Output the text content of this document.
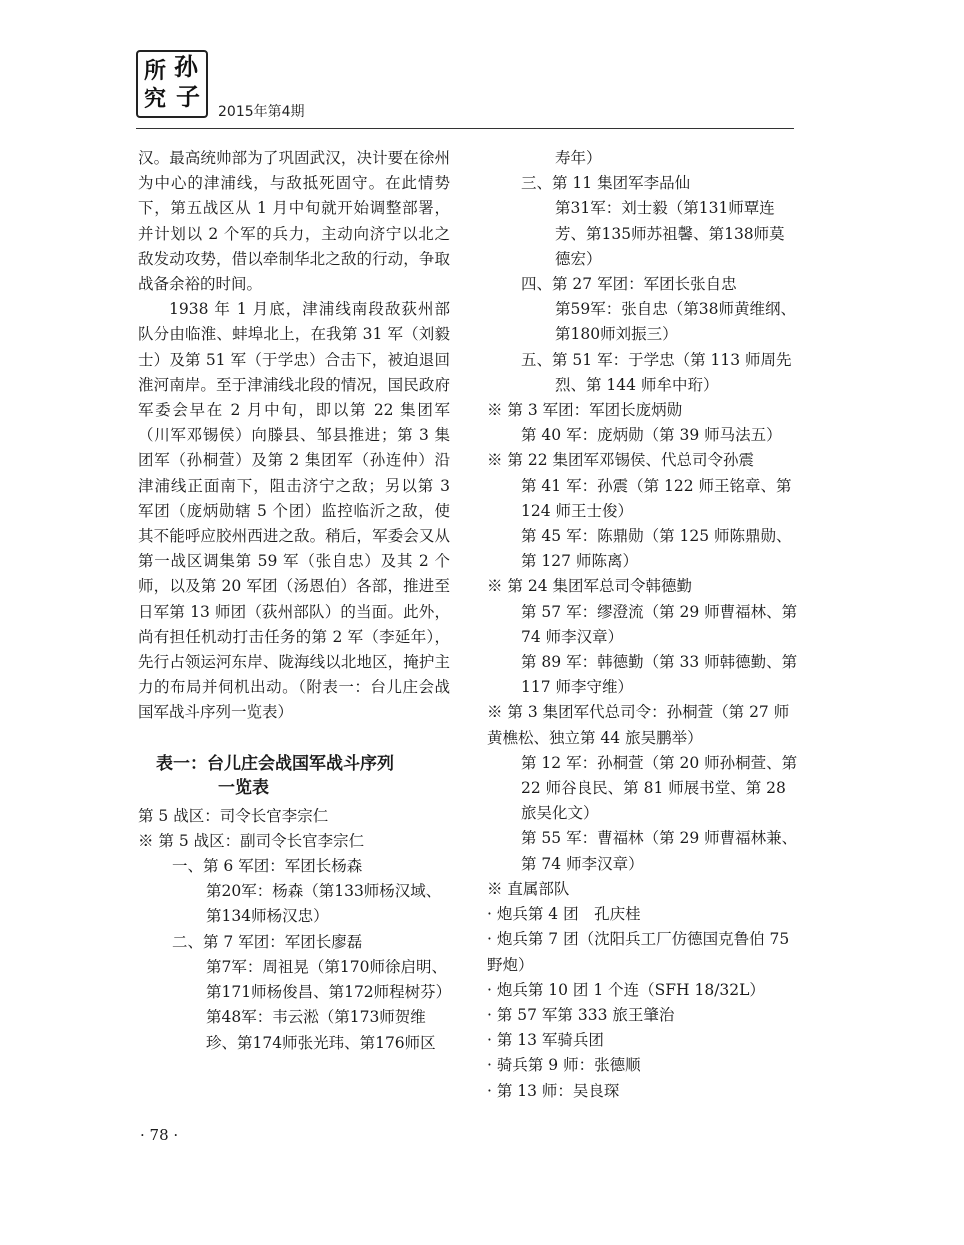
所 孙
究 子
2015年第4期

汉。最高统帅部为了巩固武汉，决计要在徐州为中心的津浦线，与敌抵死固守。在此情势下，第五战区从 1 月中旬就开始调整部署，并计划以 2 个军的兵力，主动向济宁以北之敌发动攻势，借以牵制华北之敌的行动，争取战备余裕的时间。

1938 年 1 月底，津浦线南段敌荻州部队分由临淮、蚌埠北上，在我第 31 军（刘毅士）及第 51 军（于学忠）合击下，被迫退回淮河南岸。至于津浦线北段的情况，国民政府军委会早在 2 月中旬，即以第 22 集团军（川军邓锡侯）向滕县、邹县推进；第 3 集团军（孙桐萱）及第 2 集团军（孙连仲）沿津浦线正面南下，阻击济宁之敌；另以第 3 军团（庞炳勋辖 5 个团）监控临沂之敌，使其不能呼应胶州西进之敌。稍后，军委会又从第一战区调集第 59 军（张自忠）及其 2 个师，以及第 20 军团（汤恩伯）各部，推进至日军第 13 师团（荻州部队）的当面。此外，尚有担任机动打击任务的第 2 军（李延年），先行占领运河东岸、陇海线以北地区，掩护主力的布局并伺机出动。（附表一：台儿庄会战国军战斗序列一览表）

表一：台儿庄会战国军战斗序列
一览表

第 5 战区：司令长官李宗仁

※ 第 5 战区：副司令长官李宗仁

一、第 6 军团：军团长杨森

第20军：杨森（第133师杨汉域、第134师杨汉忠）

二、第 7 军团：军团长廖磊

第7军：周祖晃（第170师徐启明、第171师杨俊昌、第172师程树芬）

第48军：韦云淞（第173师贺维珍、第174师张光玮、第176师区

寿年）

三、第 11 集团军李品仙

第31军：刘士毅（第131师覃连芳、第135师苏祖馨、第138师莫德宏）

四、第 27 军团：军团长张自忠

第59军：张自忠（第38师黄维纲、第180师刘振三）

五、第 51 军：于学忠（第 113 师周先烈、第 144 师牟中珩）

※ 第 3 军团：军团长庞炳勋

第 40 军：庞炳勋（第 39 师马法五）

※ 第 22 集团军邓锡侯、代总司令孙震

第 41 军：孙震（第 122 师王铭章、第 124 师王士俊）

第 45 军：陈鼎勋（第 125 师陈鼎勋、第 127 师陈离）

※ 第 24 集团军总司令韩德勤

第 57 军：缪澄流（第 29 师曹福林、第 74 师李汉章）

第 89 军：韩德勤（第 33 师韩德勤、第 117 师李守维）

※ 第 3 集团军代总司令：孙桐萱（第 27 师黄樵松、独立第 44 旅吴鹏举）

第 12 军：孙桐萱（第 20 师孙桐萱、第 22 师谷良民、第 81 师展书堂、第 28 旅吴化文）

第 55 军：曹福林（第 29 师曹福林兼、第 74 师李汉章）

※ 直属部队

· 炮兵第 4 团　孔庆桂

· 炮兵第 7 团（沈阳兵工厂仿德国克鲁伯 75 野炮）

· 炮兵第 10 团 1 个连（SFH 18/32L）

· 第 57 军第 333 旅王肇治

· 第 13 军骑兵团

· 骑兵第 9 师：张德顺

· 第 13 师：吴良琛

· 78 ·
